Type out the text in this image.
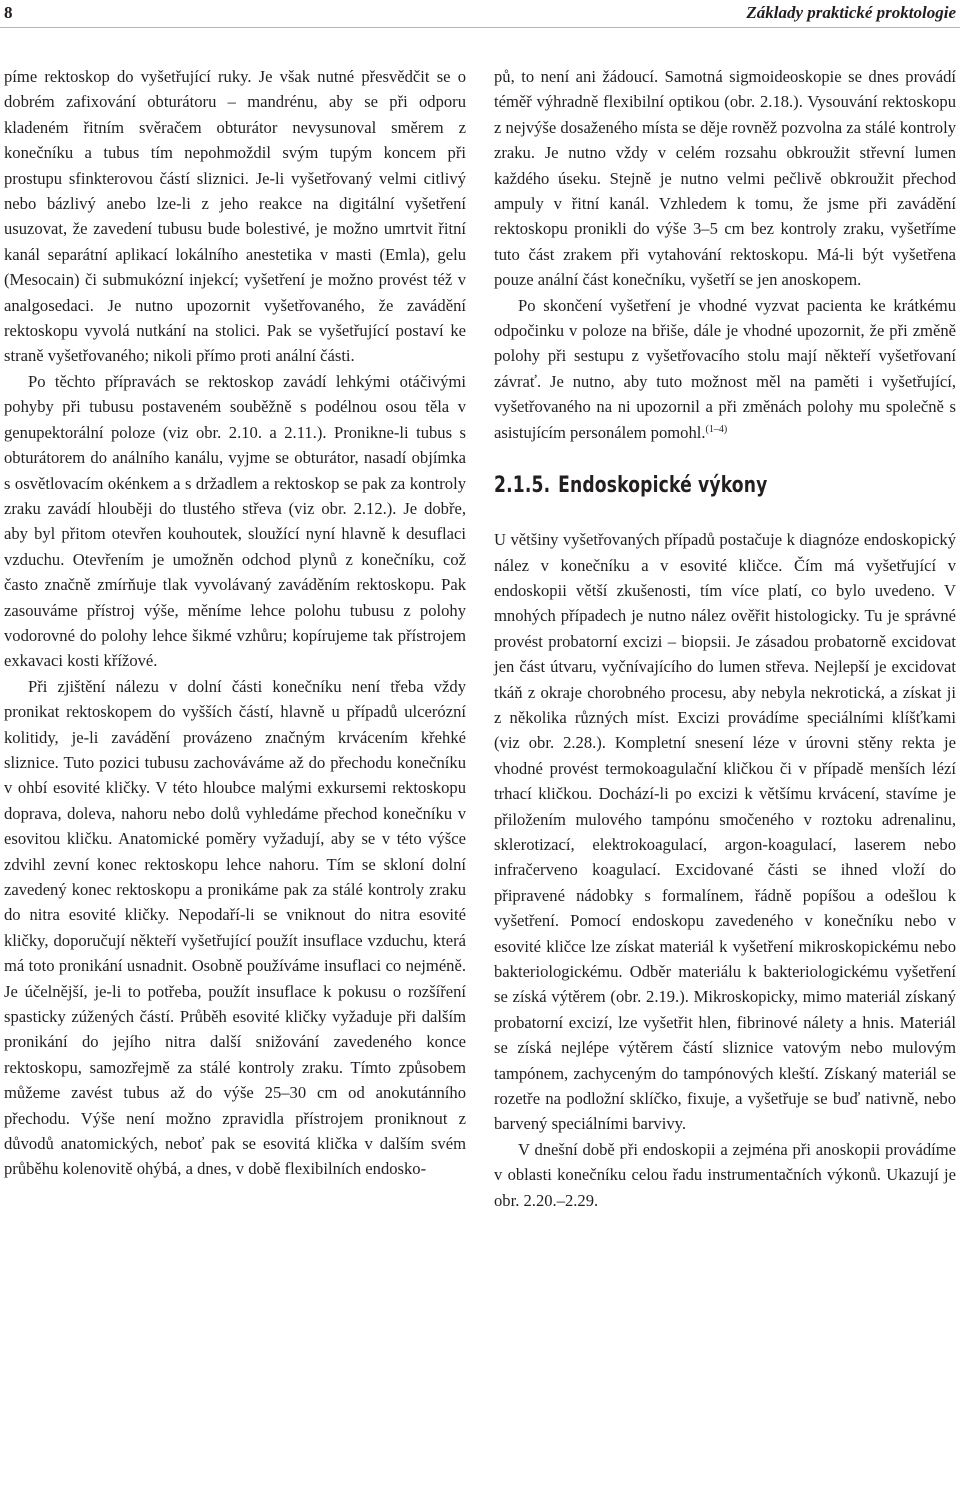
8	Základy praktické proktologie

píme rektoskop do vyšetřující ruky. Je však nutné přesvědčit se o dobrém zafixování obturátoru – mandrénu, aby se při odporu kladeném řitním svěračem obturátor nevysunoval směrem z konečníku a tubus tím nepohmoždil svým tupým koncem při prostupu sfinkterovou částí sliznici. Je-li vyšetřovaný velmi citlivý nebo bázlivý anebo lze-li z jeho reakce na digitální vyšetření usuzovat, že zavedení tubusu bude bolestivé, je možno umrtvit řitní kanál separátní aplikací lokálního anestetika v masti (Emla), gelu (Mesocain) či submukózní injekcí; vyšetření je možno provést též v analgosedaci. Je nutno upozornit vyšetřovaného, že zavádění rektoskopu vyvolá nutkání na stolici. Pak se vyšetřující postaví ke straně vyšetřovaného; nikoli přímo proti anální části.

Po těchto přípravách se rektoskop zavádí lehkými otáčivými pohyby při tubusu postaveném souběžně s podélnou osou těla v genupektorální poloze (viz obr. 2.10. a 2.11.). Pronikne-li tubus s obturátorem do análního kanálu, vyjme se obturátor, nasadí objímka s osvětlovacím okénkem a s držadlem a rektoskop se pak za kontroly zraku zavádí hlouběji do tlustého střeva (viz obr. 2.12.). Je dobře, aby byl přitom otevřen kouhoutek, sloužící nyní hlavně k desuflaci vzduchu. Otevřením je umožněn odchod plynů z konečníku, což často značně zmírňuje tlak vyvolávaný zaváděním rektoskopu. Pak zasouváme přístroj výše, měníme lehce polohu tubusu z polohy vodorovné do polohy lehce šikmé vzhůru; kopírujeme tak přístrojem exkavaci kosti křížové.

Při zjištění nálezu v dolní části konečníku není třeba vždy pronikat rektoskopem do vyšších částí, hlavně u případů ulcerózní kolitidy, je-li zavádění provázeno značným krvácením křehké sliznice. Tuto pozici tubusu zachováváme až do přechodu konečníku v ohbí esovité kličky. V této hloubce malými exkursemi rektoskopu doprava, doleva, nahoru nebo dolů vyhledáme přechod konečníku v esovitou kličku. Anatomické poměry vyžadují, aby se v této výšce zdvihl zevní konec rektoskopu lehce nahoru. Tím se skloní dolní zavedený konec rektoskopu a pronikáme pak za stálé kontroly zraku do nitra esovité kličky. Nepodaří-li se vniknout do nitra esovité kličky, doporučují někteří vyšetřující použít insuflace vzduchu, která má toto pronikání usnadnit. Osobně používáme insuflaci co nejméně. Je účelnější, je-li to potřeba, použít insuflace k pokusu o rozšíření spasticky zúžených částí. Průběh esovité kličky vyžaduje při dalším pronikání do jejího nitra další snižování zavedeného konce rektoskopu, samozřejmě za stálé kontroly zraku. Tímto způsobem můžeme zavést tubus až do výše 25–30 cm od anokutánního přechodu. Výše není možno zpravidla přístrojem proniknout z důvodů anatomických, neboť pak se esovitá klička v dalším svém průběhu kolenovitě ohýbá, a dnes, v době flexibilních endosko-

pů, to není ani žádoucí. Samotná sigmoideoskopie se dnes provádí téměř výhradně flexibilní optikou (obr. 2.18.). Vysouvání rektoskopu z nejvýše dosaženého místa se děje rovněž pozvolna za stálé kontroly zraku. Je nutno vždy v celém rozsahu obkroužit střevní lumen každého úseku. Stejně je nutno velmi pečlivě obkroužit přechod ampuly v řitní kanál. Vzhledem k tomu, že jsme při zavádění rektoskopu pronikli do výše 3–5 cm bez kontroly zraku, vyšetříme tuto část zrakem při vytahování rektoskopu. Má-li být vyšetřena pouze anální část konečníku, vyšetří se jen anoskopem.

Po skončení vyšetření je vhodné vyzvat pacienta ke krátkému odpočinku v poloze na břiše, dále je vhodné upozornit, že při změně polohy při sestupu z vyšetřovacího stolu mají někteří vyšetřovaní závrať. Je nutno, aby tuto možnost měl na paměti i vyšetřující, vyšetřovaného na ni upozornil a při změnách polohy mu společně s asistujícím personálem pomohl.$^{(1-4)}$

2.1.5. Endoskopické výkony

U většiny vyšetřovaných případů postačuje k diagnóze endoskopický nález v konečníku a v esovité kličce. Čím má vyšetřující v endoskopii větší zkušenosti, tím více platí, co bylo uvedeno. V mnohých případech je nutno nález ověřit histologicky. Tu je správné provést probatorní excizi – biopsii. Je zásadou probatorně excidovat jen část útvaru, vyčnívajícího do lumen střeva. Nejlepší je excidovat tkáň z okraje chorobného procesu, aby nebyla nekrotická, a získat ji z několika různých míst. Excizi provádíme speciálními klíšťkami (viz obr. 2.28.). Kompletní snesení léze v úrovni stěny rekta je vhodné provést termokoagulační kličkou či v případě menších lézí trhací kličkou. Dochází-li po excizi k většímu krvácení, stavíme je přiložením mulového tampónu smočeného v roztoku adrenalinu, sklerotizací, elektrokoagulací, argon-koagulací, laserem nebo infračerveno koagulací. Excidované části se ihned vloží do připravené nádobky s formalínem, řádně popíšou a odešlou k vyšetření. Pomocí endoskopu zavedeného v konečníku nebo v esovité kličce lze získat materiál k vyšetření mikroskopickému nebo bakteriologickému. Odběr materiálu k bakteriologickému vyšetření se získá výtěrem (obr. 2.19.). Mikroskopicky, mimo materiál získaný probatorní excizí, lze vyšetřit hlen, fibrinové nálety a hnis. Materiál se získá nejlépe výtěrem částí sliznice vatovým nebo mulovým tampónem, zachyceným do tampónových kleští. Získaný materiál se rozetře na podložní sklíčko, fixuje, a vyšetřuje se buď nativně, nebo barvený speciálními barvivy.

V dnešní době při endoskopii a zejména při anoskopii provádíme v oblasti konečníku celou řadu instrumentačních výkonů. Ukazují je obr. 2.20.–2.29.
